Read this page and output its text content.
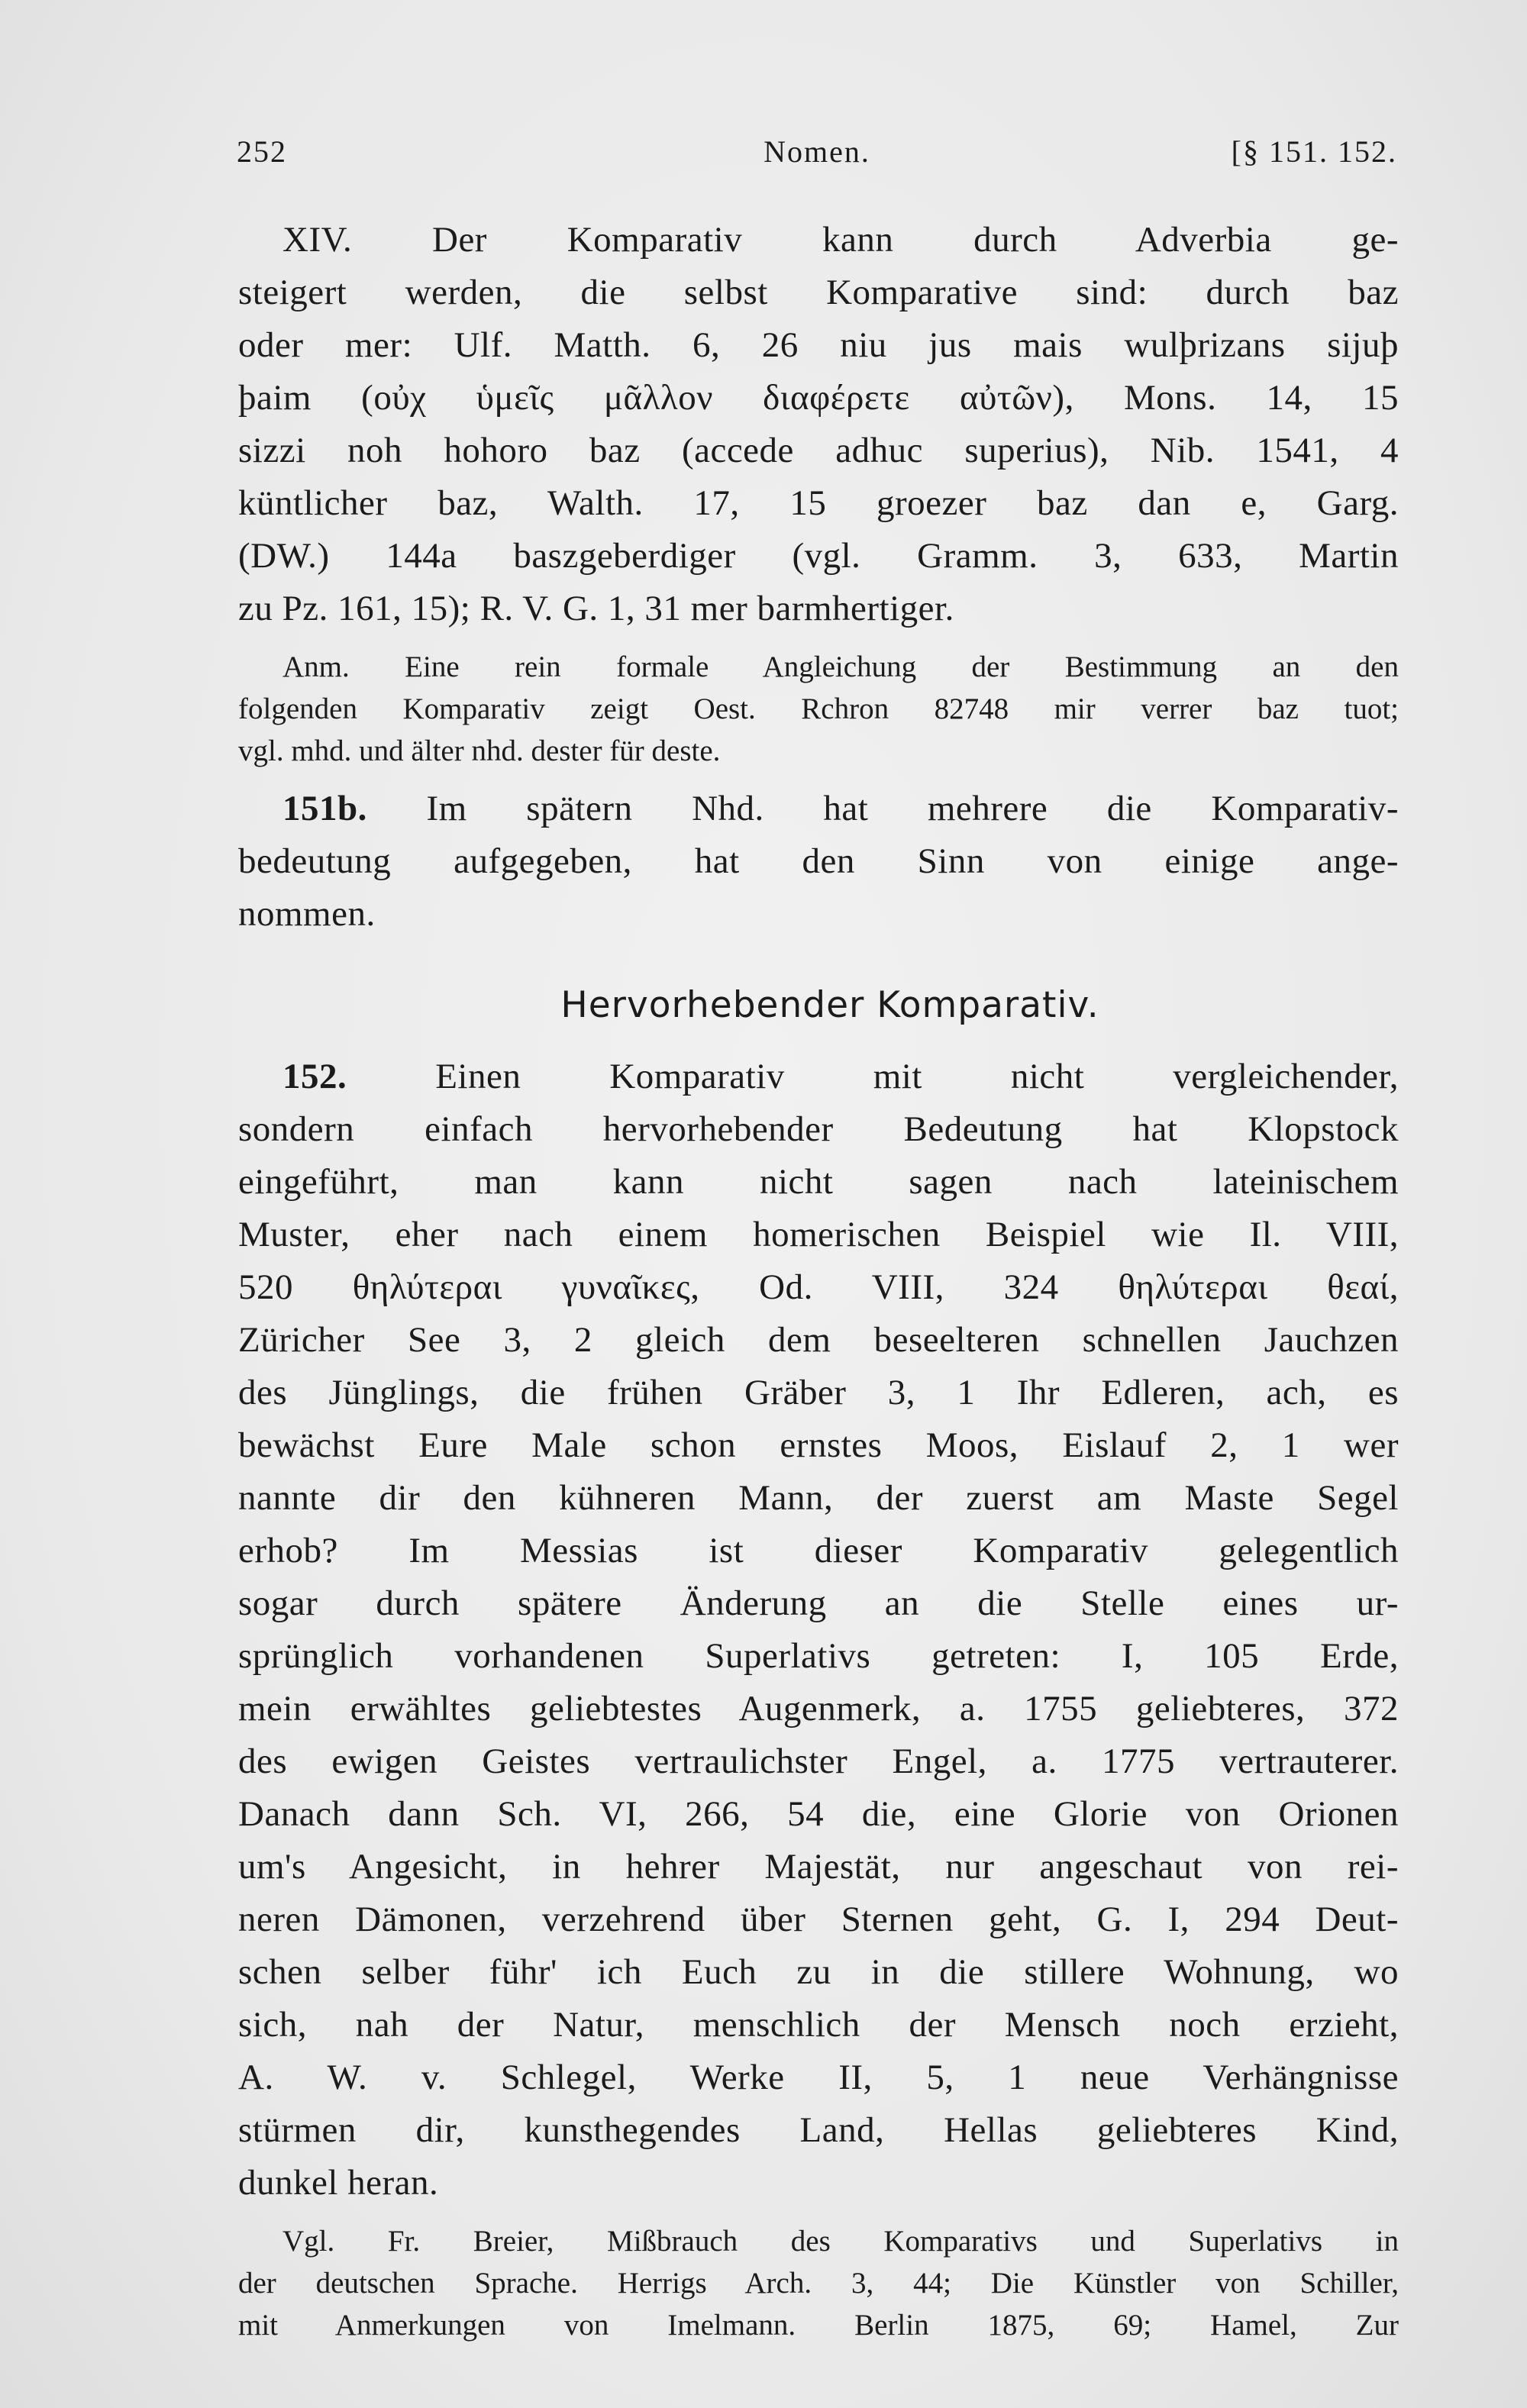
252	Nomen.	[§ 151. 152.
XIV. Der Komparativ kann durch Adverbia ge-
steigert werden, die selbst Komparative sind: durch baz
oder mer: Ulf. Matth. 6, 26 niu jus mais wulþrizans sijuþ
þaim (οὐχ ὑμεῖς μᾶλλον διαφέρετε αὐτῶν), Mons. 14, 15
sizzi noh hohoro baz (accede adhuc superius), Nib. 1541, 4
küntlicher baz, Walth. 17, 15 groezer baz dan e, Garg.
(DW.) 144a baszgeberdiger (vgl. Gramm. 3, 633, Martin
zu Pz. 161, 15); R. V. G. 1, 31 mer barmhertiger.
Anm. Eine rein formale Angleichung der Bestimmung an den
folgenden Komparativ zeigt Oest. Rchron 82748 mir verrer baz tuot;
vgl. mhd. und älter nhd. dester für deste.
151b. Im spätern Nhd. hat mehrere die Komparativ-
bedeutung aufgegeben, hat den Sinn von einige ange-
nommen.
Hervorhebender Komparativ.
152. Einen Komparativ mit nicht vergleichender,
sondern einfach hervorhebender Bedeutung hat Klopstock
eingeführt, man kann nicht sagen nach lateinischem
Muster, eher nach einem homerischen Beispiel wie Il. VIII,
520 θηλύτεραι γυναῖκες, Od. VIII, 324 θηλύτεραι θεαί,
Züricher See 3, 2 gleich dem beseelteren schnellen Jauchzen
des Jünglings, die frühen Gräber 3, 1 Ihr Edleren, ach, es
bewächst Eure Male schon ernstes Moos, Eislauf 2, 1 wer
nannte dir den kühneren Mann, der zuerst am Maste Segel
erhob? Im Messias ist dieser Komparativ gelegentlich
sogar durch spätere Änderung an die Stelle eines ur-
sprünglich vorhandenen Superlativs getreten: I, 105 Erde,
mein erwähltes geliebtestes Augenmerk, a. 1755 geliebteres, 372
des ewigen Geistes vertraulichster Engel, a. 1775 vertrauterer.
Danach dann Sch. VI, 266, 54 die, eine Glorie von Orionen
um's Angesicht, in hehrer Majestät, nur angeschaut von rei-
neren Dämonen, verzehrend über Sternen geht, G. I, 294 Deut-
schen selber führ' ich Euch zu in die stillere Wohnung, wo
sich, nah der Natur, menschlich der Mensch noch erzieht,
A. W. v. Schlegel, Werke II, 5, 1 neue Verhängnisse
stürmen dir, kunsthegendes Land, Hellas geliebteres Kind,
dunkel heran.
Vgl. Fr. Breier, Mißbrauch des Komparativs und Superlativs in
der deutschen Sprache. Herrigs Arch. 3, 44; Die Künstler von Schiller,
mit Anmerkungen von Imelmann. Berlin 1875, 69; Hamel, Zur
